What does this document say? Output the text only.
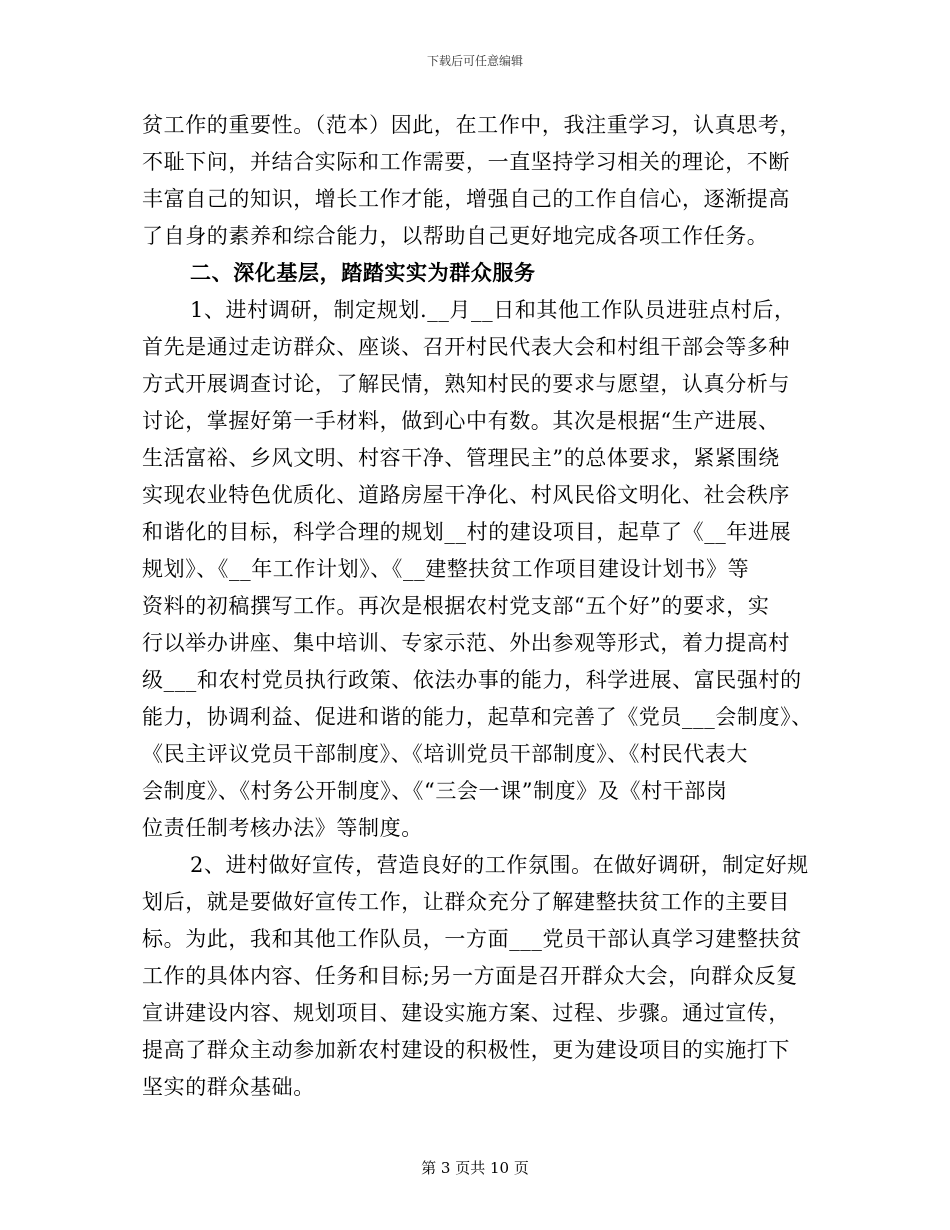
下载后可任意编辑
贫工作的重要性。（范本）因此，在工作中，我注重学习，认真思考，
不耻下问，并结合实际和工作需要，一直坚持学习相关的理论，不断
丰富自己的知识，增长工作才能，增强自己的工作自信心，逐渐提高
了自身的素养和综合能力，以帮助自己更好地完成各项工作任务。
二、深化基层，踏踏实实为群众服务
1、进村调研，制定规划.__月__日和其他工作队员进驻点村后，
首先是通过走访群众、座谈、召开村民代表大会和村组干部会等多种
方式开展调查讨论，了解民情，熟知村民的要求与愿望，认真分析与
讨论，掌握好第一手材料，做到心中有数。其次是根据“生产进展、
生活富裕、乡风文明、村容干净、管理民主”的总体要求，紧紧围绕
实现农业特色优质化、道路房屋干净化、村风民俗文明化、社会秩序
和谐化的目标，科学合理的规划__村的建设项目，起草了《__年进展
规划》、《__年工作计划》、《__建整扶贫工作项目建设计划书》等
资料的初稿撰写工作。再次是根据农村党支部“五个好”的要求，实
行以举办讲座、集中培训、专家示范、外出参观等形式，着力提高村
级___和农村党员执行政策、依法办事的能力，科学进展、富民强村的
能力，协调利益、促进和谐的能力，起草和完善了《党员___会制度》、
《民主评议党员干部制度》、《培训党员干部制度》、《村民代表大
会制度》、《村务公开制度》、《“三会一课”制度》及《村干部岗
位责任制考核办法》等制度。
2、进村做好宣传，营造良好的工作氛围。在做好调研，制定好规
划后，就是要做好宣传工作，让群众充分了解建整扶贫工作的主要目
标。为此，我和其他工作队员，一方面___党员干部认真学习建整扶贫
工作的具体内容、任务和目标;另一方面是召开群众大会，向群众反复
宣讲建设内容、规划项目、建设实施方案、过程、步骤。通过宣传，
提高了群众主动参加新农村建设的积极性，更为建设项目的实施打下
坚实的群众基础。
第 3 页共 10 页
